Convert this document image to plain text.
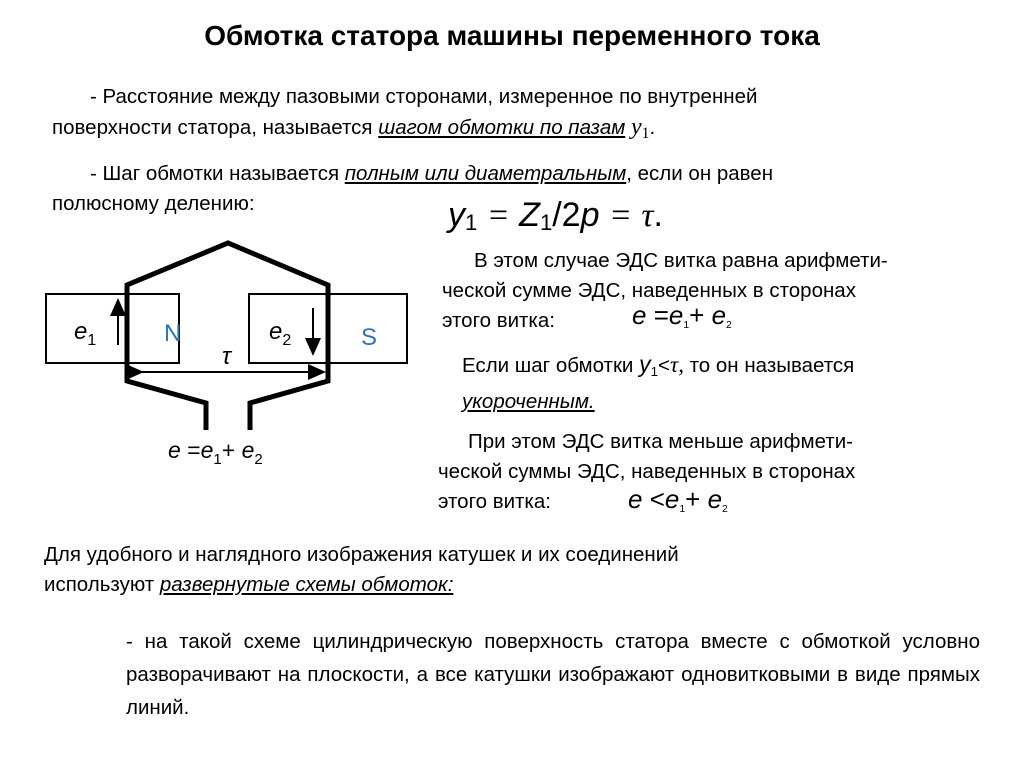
Обмотка статора машины переменного тока
- Расстояние между пазовыми сторонами, измеренное по внутренней
поверхности статора, называется шагом обмотки по пазам $y_1$.
- Шаг обмотки называется полным или диаметральным, если он равен
полюсному делению:	$y_1 = Z_1/2p = \tau$.
В этом случае ЭДС витка равна арифмети-
ческой сумме ЭДС, наведенных в сторонах
этого витка:	$e =e_1+ e_2$
Если шаг обмотки $y_1<\tau$, то он называется
укороченным.
При этом ЭДС витка меньше арифмети-
ческой суммы ЭДС, наведенных в сторонах
этого витка:	$e <e_1+ e_2$
$e_1$	N	$e_2$	S
τ
$e =e_1+ e_2$
Для удобного и наглядного изображения катушек и их соединений
используют развернутые схемы обмоток:
- на такой схеме цилиндрическую поверхность статора вместе с обмоткой условно разворачивают на плоскости, а все катушки изображают одновитковыми в виде прямых линий.
